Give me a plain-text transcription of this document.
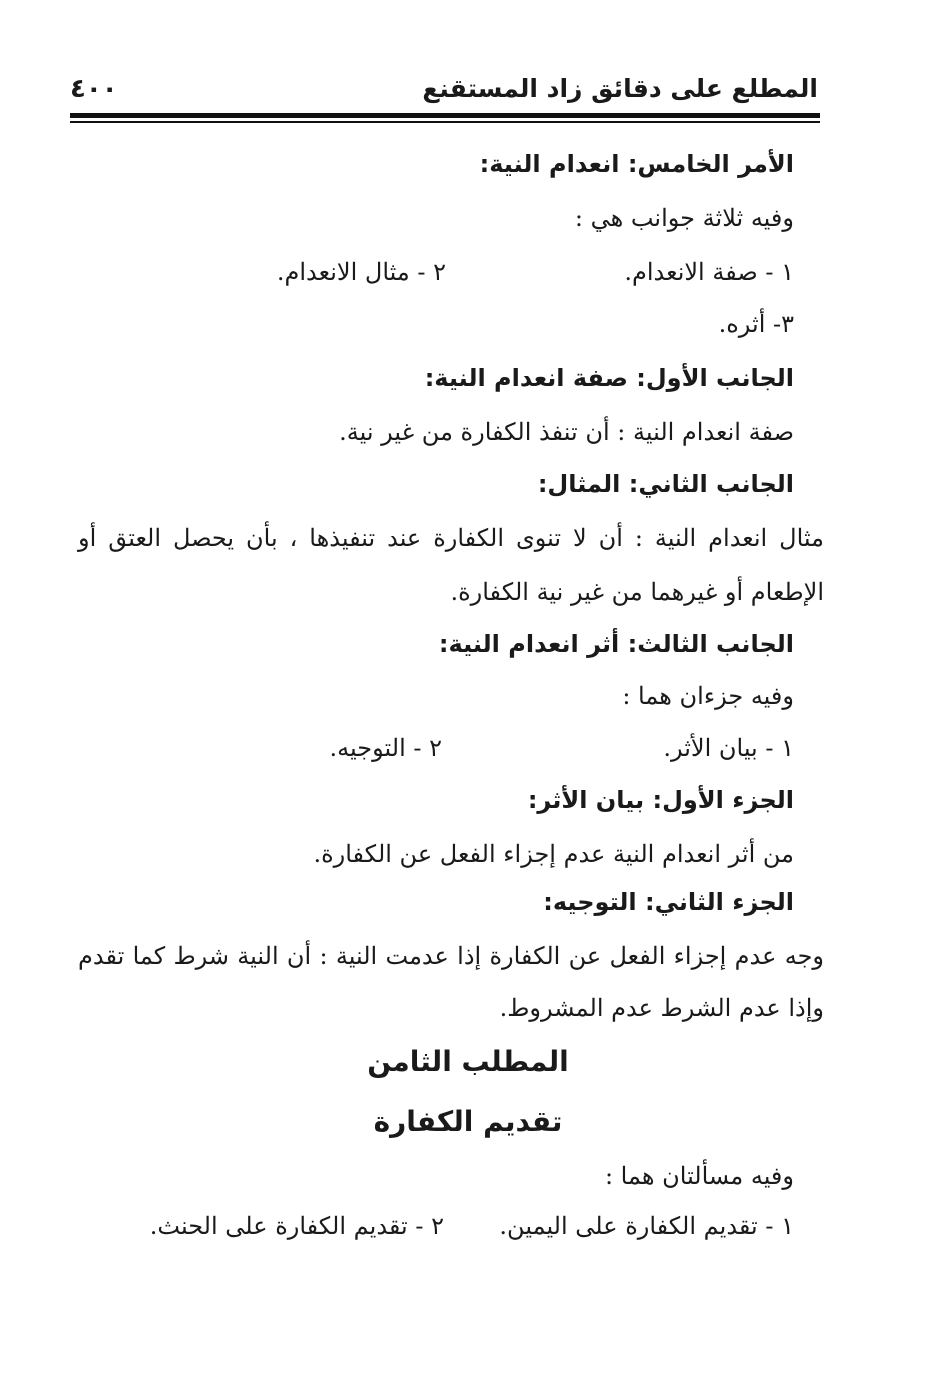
٤٠٠	المطلع على دقائق زاد المستقنع
الأمر الخامس: انعدام النية:
وفيه ثلاثة جوانب هي :
١ - صفة الانعدام.
٢ - مثال الانعدام.
٣- أثره.
الجانب الأول: صفة انعدام النية:
صفة انعدام النية : أن تنفذ الكفارة من غير نية.
الجانب الثاني: المثال:
مثال انعدام النية : أن لا تنوى الكفارة عند تنفيذها ، بأن يحصل العتق أو
الإطعام أو غيرهما من غير نية الكفارة.
الجانب الثالث: أثر انعدام النية:
وفيه جزءان هما :
١ - بيان الأثر.
٢ - التوجيه.
الجزء الأول: بيان الأثر:
من أثر انعدام النية عدم إجزاء الفعل عن الكفارة.
الجزء الثاني: التوجيه:
وجه عدم إجزاء الفعل عن الكفارة إذا عدمت النية : أن النية شرط كما تقدم
وإذا عدم الشرط عدم المشروط.
المطلب الثامن
تقديم الكفارة
وفيه مسألتان هما :
١ - تقديم الكفارة على اليمين.
٢ - تقديم الكفارة على الحنث.
